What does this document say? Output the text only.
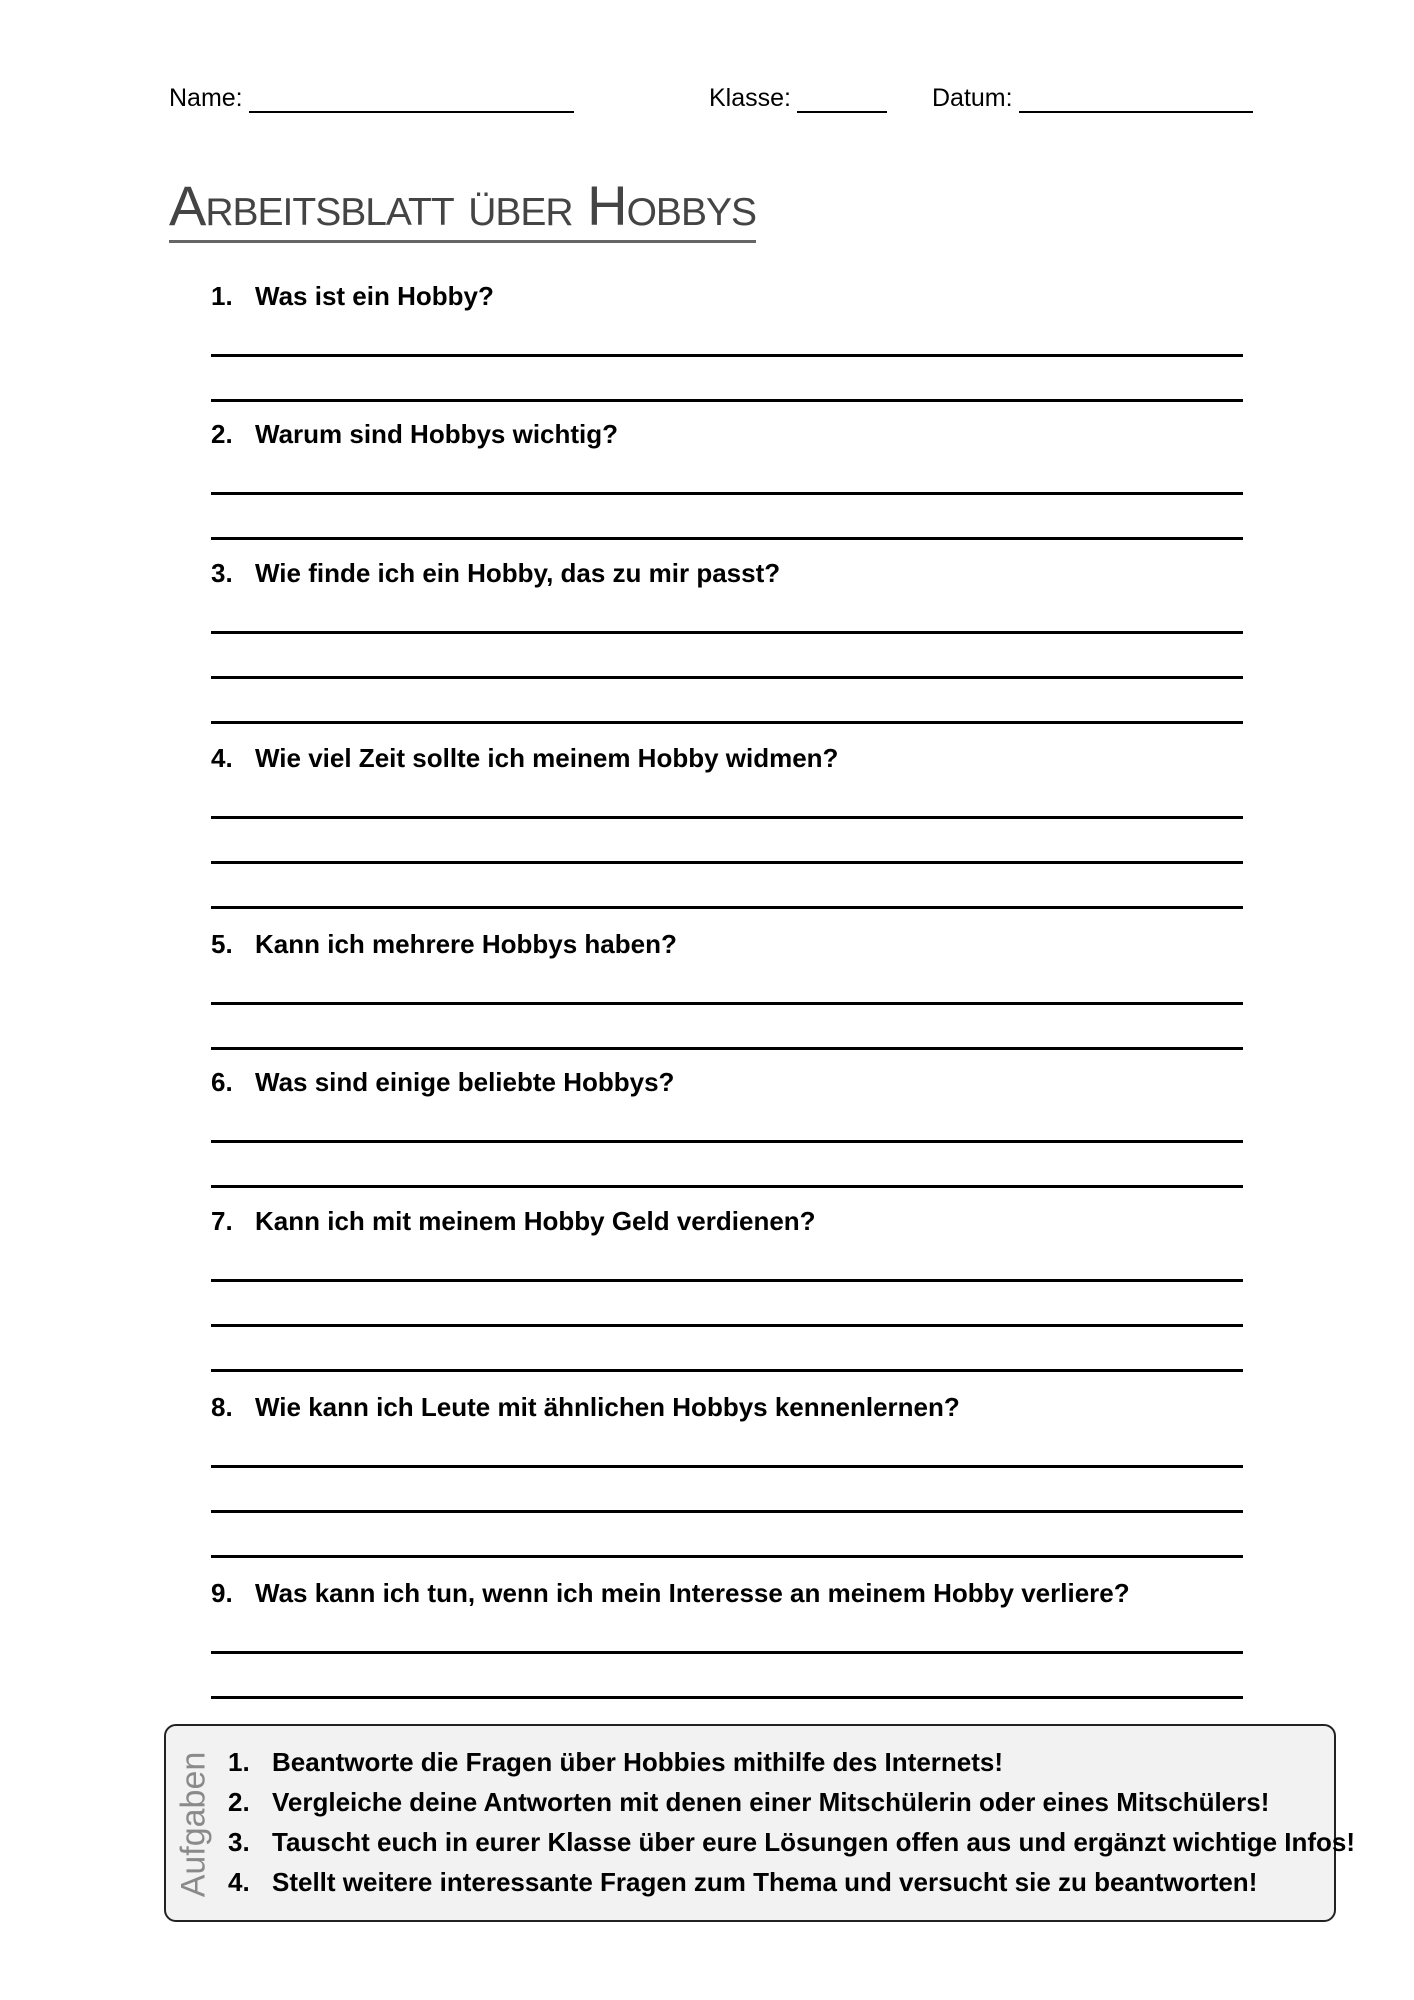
Name:	Klasse:	Datum:
Arbeitsblatt über Hobbys
1. Was ist ein Hobby?
2. Warum sind Hobbys wichtig?
3. Wie finde ich ein Hobby, das zu mir passt?
4. Wie viel Zeit sollte ich meinem Hobby widmen?
5. Kann ich mehrere Hobbys haben?
6. Was sind einige beliebte Hobbys?
7. Kann ich mit meinem Hobby Geld verdienen?
8. Wie kann ich Leute mit ähnlichen Hobbys kennenlernen?
9. Was kann ich tun, wenn ich mein Interesse an meinem Hobby verliere?
Aufgaben 1. Beantworte die Fragen über Hobbies mithilfe des Internets!
2. Vergleiche deine Antworten mit denen einer Mitschülerin oder eines Mitschülers!
3. Tauscht euch in eurer Klasse über eure Lösungen offen aus und ergänzt wichtige Infos!
4. Stellt weitere interessante Fragen zum Thema und versucht sie zu beantworten!
